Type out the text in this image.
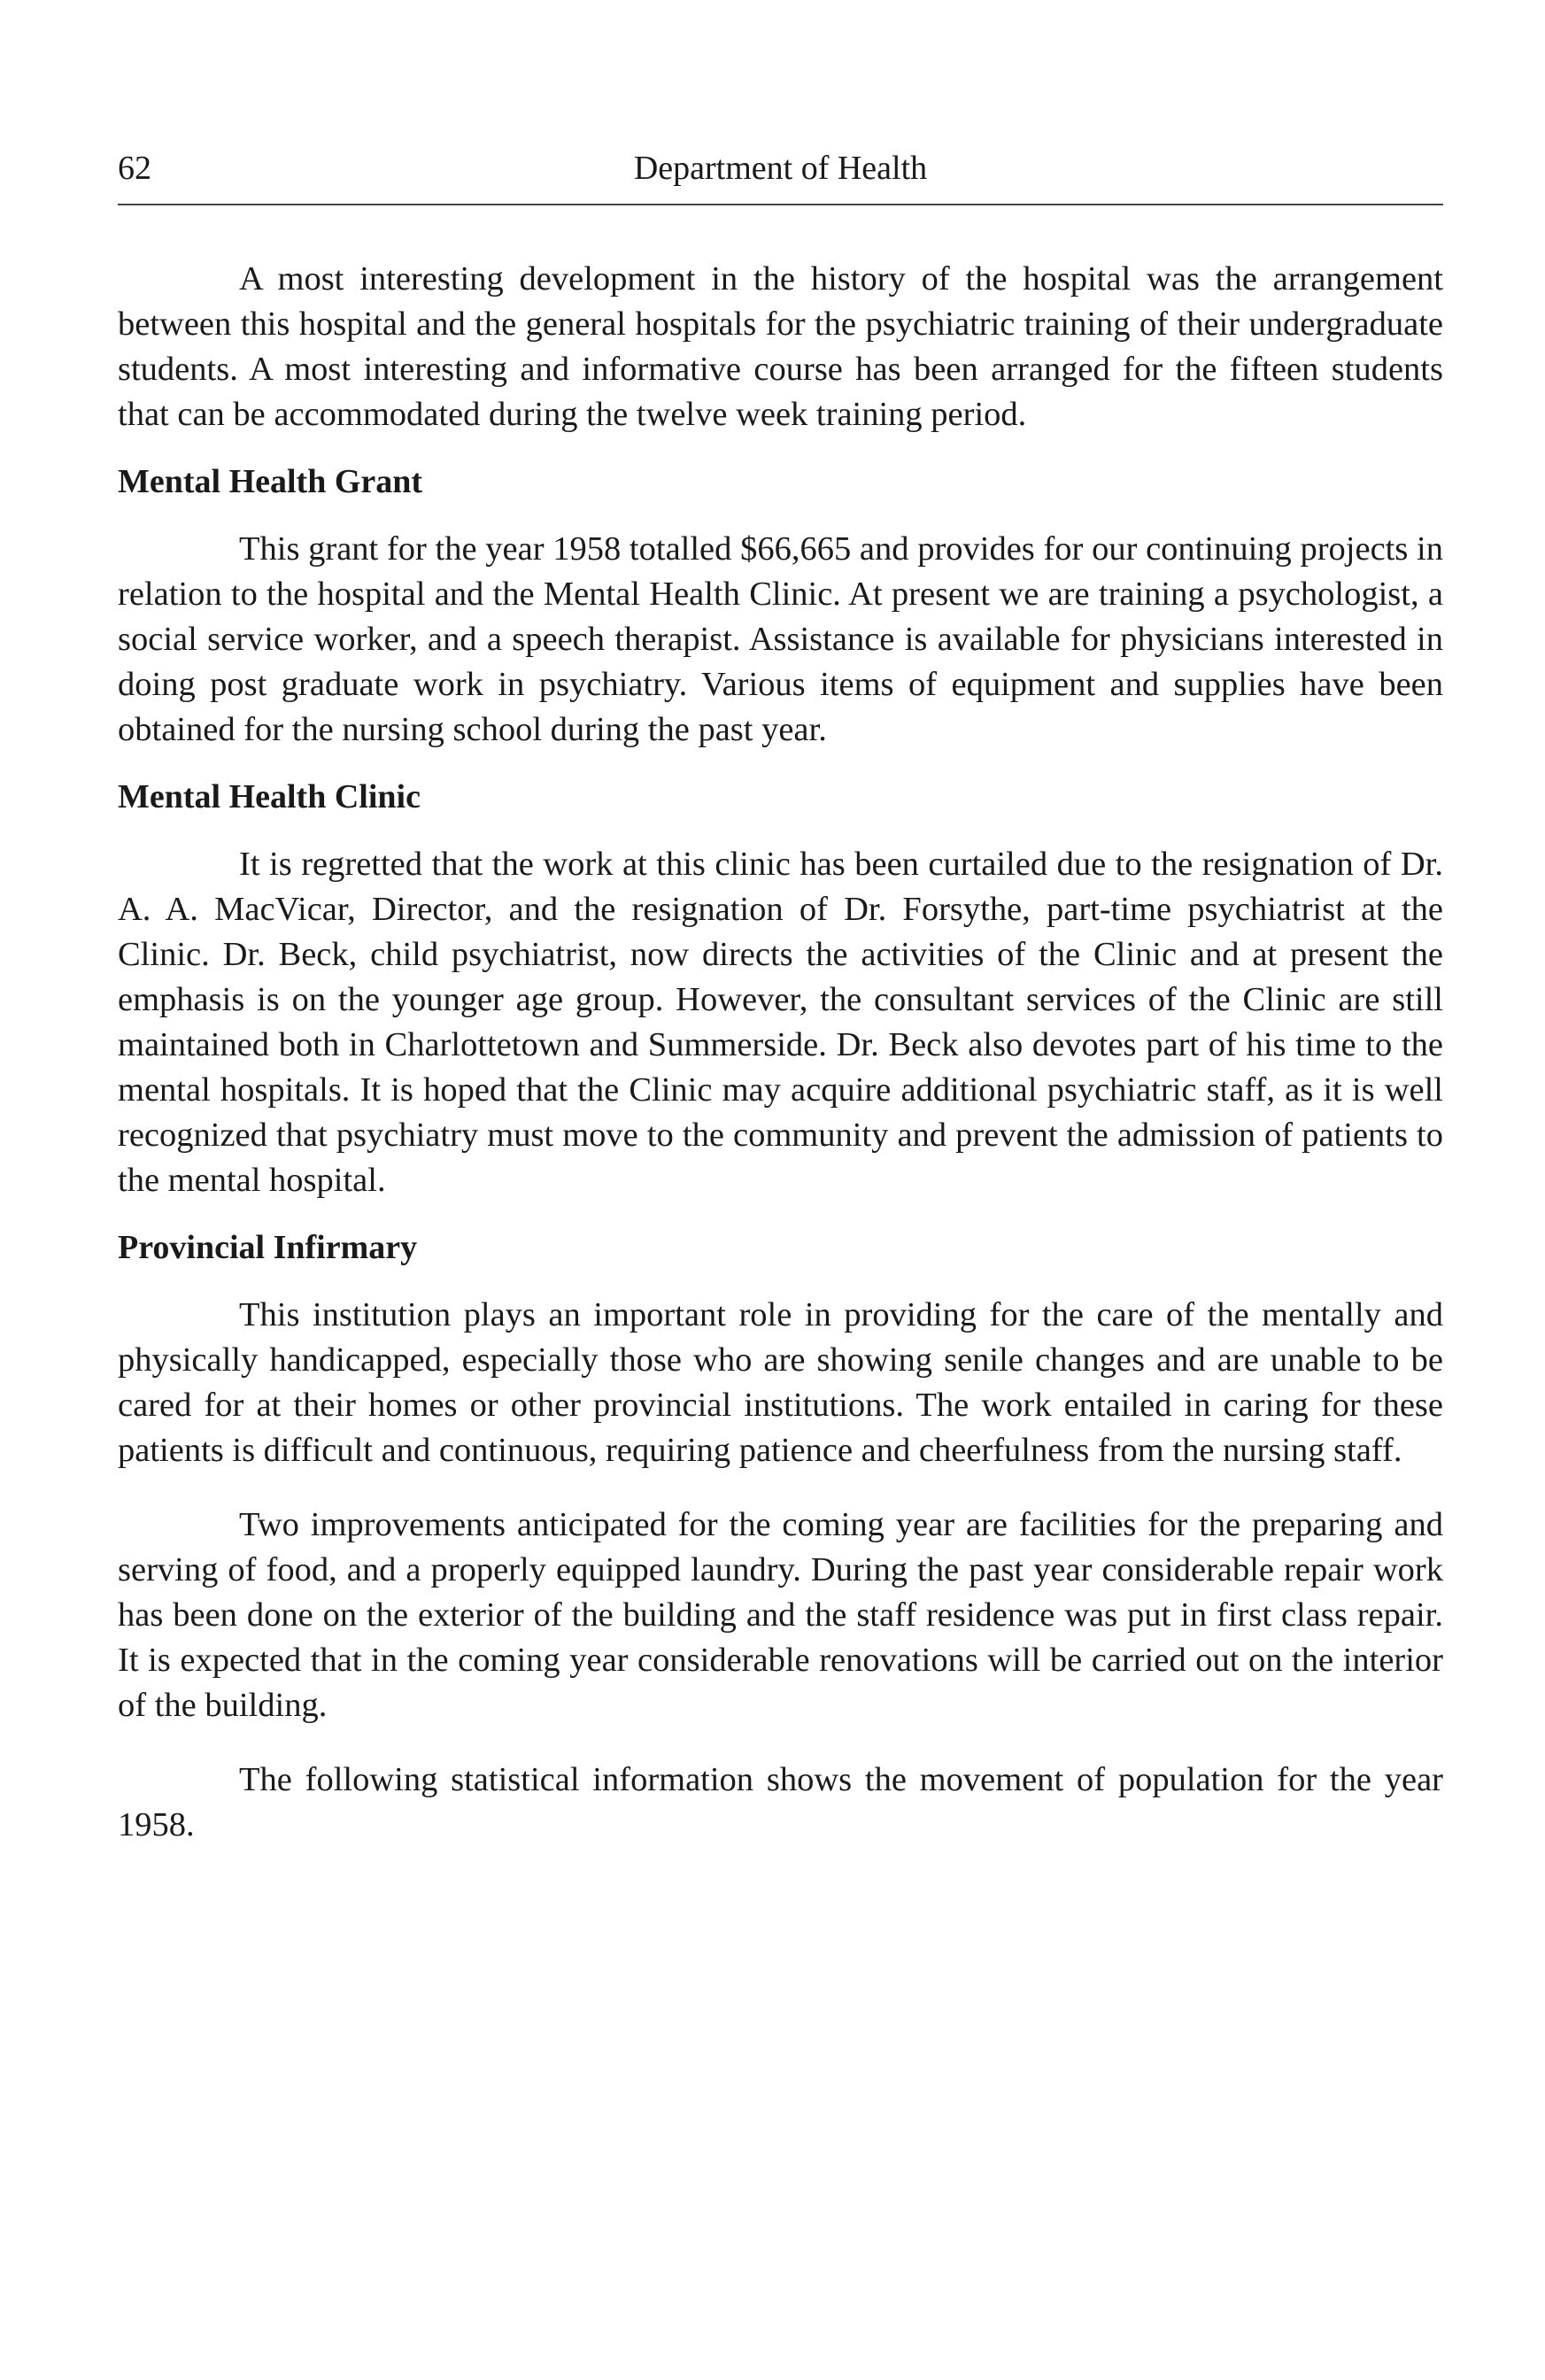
62	Department of Health

A most interesting development in the history of the hospital was the arrangement between this hospital and the general hospitals for the psychiatric training of their undergraduate students. A most interesting and informative course has been arranged for the fifteen students that can be accommodated during the twelve week training period.

Mental Health Grant

This grant for the year 1958 totalled $66,665 and provides for our continuing projects in relation to the hospital and the Mental Health Clinic. At present we are training a psychologist, a social service worker, and a speech therapist. Assistance is available for physicians interested in doing post graduate work in psychiatry. Various items of equipment and supplies have been obtained for the nursing school during the past year.

Mental Health Clinic

It is regretted that the work at this clinic has been curtailed due to the resignation of Dr. A. A. MacVicar, Director, and the resignation of Dr. Forsythe, part-time psychiatrist at the Clinic. Dr. Beck, child psychiatrist, now directs the activities of the Clinic and at present the emphasis is on the younger age group. However, the consultant services of the Clinic are still maintained both in Charlottetown and Summerside. Dr. Beck also devotes part of his time to the mental hospitals. It is hoped that the Clinic may acquire additional psychiatric staff, as it is well recognized that psychiatry must move to the community and prevent the admission of patients to the mental hospital.

Provincial Infirmary

This institution plays an important role in providing for the care of the mentally and physically handicapped, especially those who are showing senile changes and are unable to be cared for at their homes or other provincial institutions. The work entailed in caring for these patients is difficult and continuous, requiring patience and cheerfulness from the nursing staff.

Two improvements anticipated for the coming year are facilities for the preparing and serving of food, and a properly equipped laundry. During the past year considerable repair work has been done on the exterior of the building and the staff residence was put in first class repair. It is expected that in the coming year considerable renovations will be carried out on the interior of the building.

The following statistical information shows the movement of population for the year 1958.
